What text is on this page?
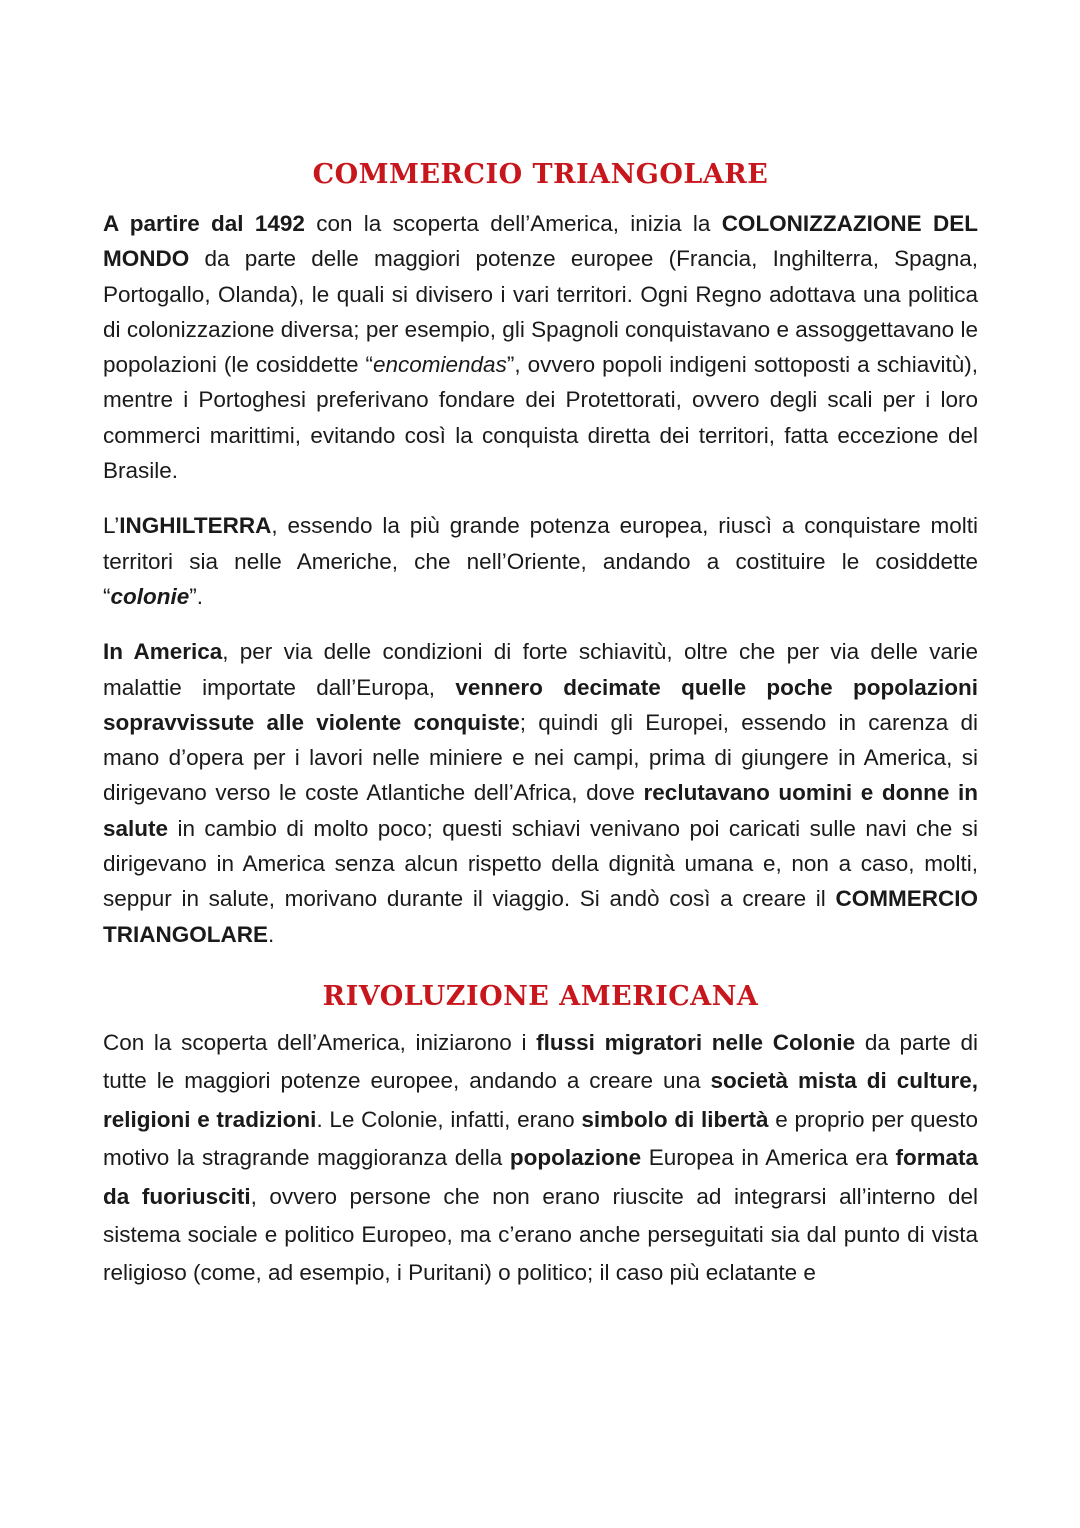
COMMERCIO TRIANGOLARE

A partire dal 1492 con la scoperta dell’America, inizia la COLONIZZAZIONE DEL MONDO da parte delle maggiori potenze europee (Francia, Inghilterra, Spagna, Portogallo, Olanda), le quali si divisero i vari territori. Ogni Regno adottava una politica di colonizzazione diversa; per esempio, gli Spagnoli conquistavano e assoggettavano le popolazioni (le cosiddette “encomiendas”, ovvero popoli indigeni sottoposti a schiavitù), mentre i Portoghesi preferivano fondare dei Protettorati, ovvero degli scali per i loro commerci marittimi, evitando così la conquista diretta dei territori, fatta eccezione del Brasile.

L’INGHILTERRA, essendo la più grande potenza europea, riuscì a conquistare molti territori sia nelle Americhe, che nell’Oriente, andando a costituire le cosiddette “colonie”.

In America, per via delle condizioni di forte schiavitù, oltre che per via delle varie malattie importate dall’Europa, vennero decimate quelle poche popolazioni sopravvissute alle violente conquiste; quindi gli Europei, essendo in carenza di mano d’opera per i lavori nelle miniere e nei campi, prima di giungere in America, si dirigevano verso le coste Atlantiche dell’Africa, dove reclutavano uomini e donne in salute in cambio di molto poco; questi schiavi venivano poi caricati sulle navi che si dirigevano in America senza alcun rispetto della dignità umana e, non a caso, molti, seppur in salute, morivano durante il viaggio. Si andò così a creare il COMMERCIO TRIANGOLARE.

RIVOLUZIONE AMERICANA

Con la scoperta dell’America, iniziarono i flussi migratori nelle Colonie da parte di tutte le maggiori potenze europee, andando a creare una società mista di culture, religioni e tradizioni. Le Colonie, infatti, erano simbolo di libertà e proprio per questo motivo la stragrande maggioranza della popolazione Europea in America era formata da fuoriusciti, ovvero persone che non erano riuscite ad integrarsi all’interno del sistema sociale e politico Europeo, ma c’erano anche perseguitati sia dal punto di vista religioso (come, ad esempio, i Puritani) o politico; il caso più eclatante e
